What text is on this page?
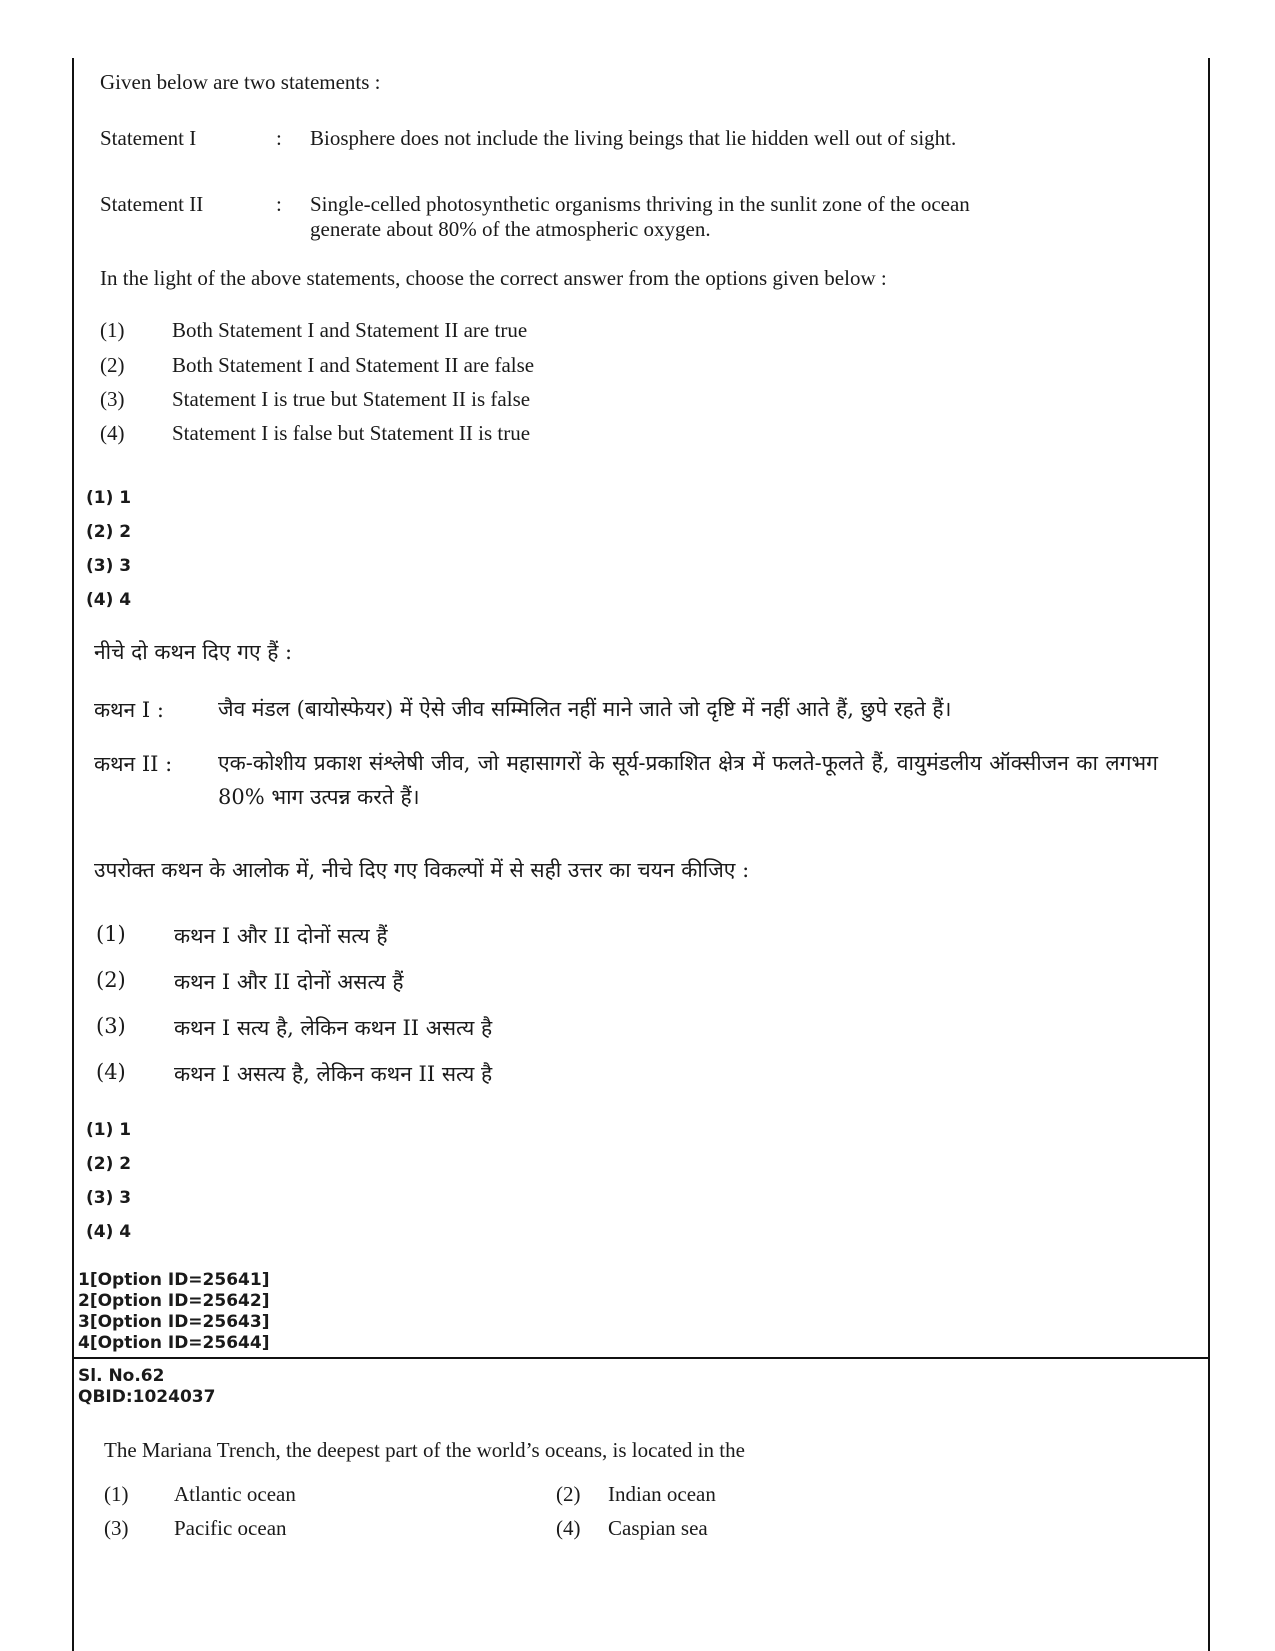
Given below are two statements :
Statement I	: Biosphere does not include the living beings that lie hidden well out of sight.
Statement II	: Single-celled photosynthetic organisms thriving in the sunlit zone of the ocean generate about 80% of the atmospheric oxygen.
In the light of the above statements, choose the correct answer from the options given below :
(1) Both Statement I and Statement II are true
(2) Both Statement I and Statement II are false
(3) Statement I is true but Statement II is false
(4) Statement I is false but Statement II is true
(1) 1
(2) 2
(3) 3
(4) 4
नीचे दो कथन दिए गए हैं :
कथन I :	जैव मंडल (बायोस्फेयर) में ऐसे जीव सम्मिलित नहीं माने जाते जो दृष्टि में नहीं आते हैं, छुपे रहते हैं।
कथन II : एक-कोशीय प्रकाश संश्लेषी जीव, जो महासागरों के सूर्य-प्रकाशित क्षेत्र में फलते-फूलते हैं, वायुमंडलीय ऑक्सीजन का लगभग 80% भाग उत्पन्न करते हैं।
उपरोक्त कथन के आलोक में, नीचे दिए गए विकल्पों में से सही उत्तर का चयन कीजिए :
(1) कथन I और II दोनों सत्य हैं
(2) कथन I और II दोनों असत्य हैं
(3) कथन I सत्य है, लेकिन कथन II असत्य है
(4) कथन I असत्य है, लेकिन कथन II सत्य है
(1) 1
(2) 2
(3) 3
(4) 4
1[Option ID=25641]
2[Option ID=25642]
3[Option ID=25643]
4[Option ID=25644]
Sl. No.62
QBID:1024037
The Mariana Trench, the deepest part of the world’s oceans, is located in the
(1) Atlantic ocean	(2) Indian ocean
(3) Pacific ocean	(4) Caspian sea
